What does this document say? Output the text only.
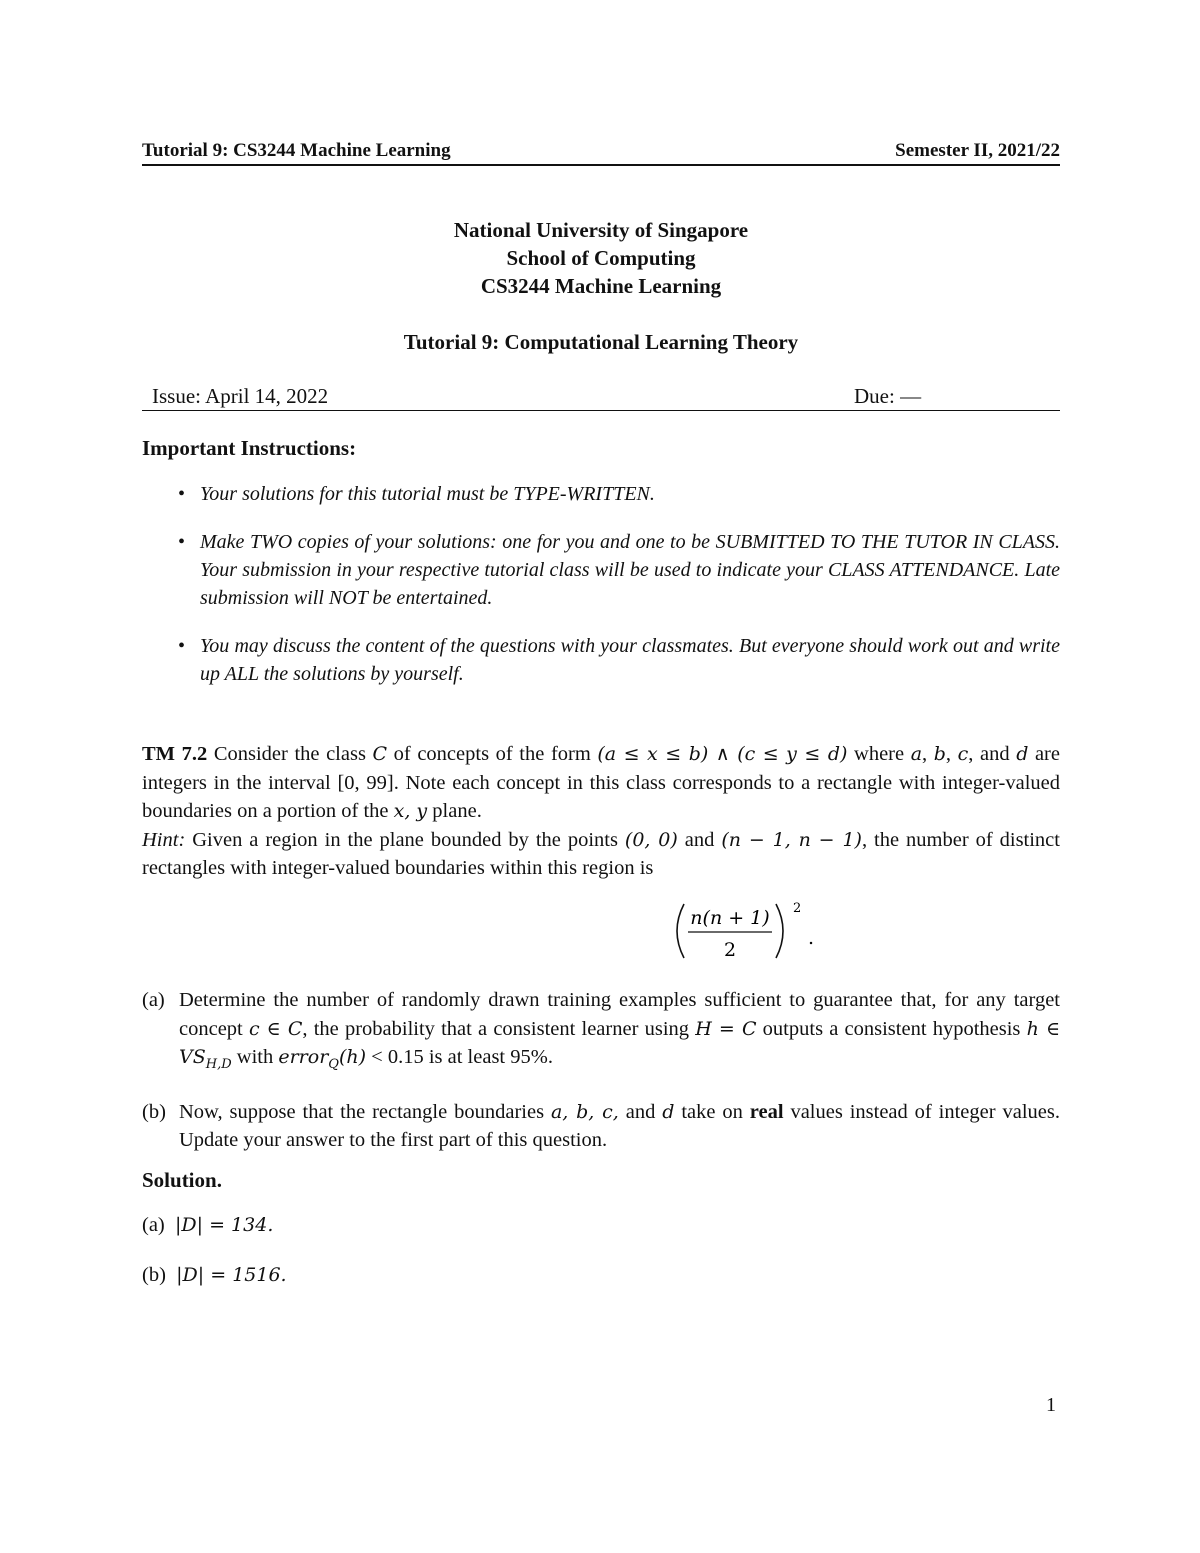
Tutorial 9: CS3244 Machine Learning	Semester II, 2021/22
National University of Singapore
School of Computing
CS3244 Machine Learning
Tutorial 9: Computational Learning Theory
Issue: April 14, 2022	Due: —
Important Instructions:
• Your solutions for this tutorial must be TYPE-WRITTEN.
• Make TWO copies of your solutions: one for you and one to be SUBMITTED TO THE TUTOR IN CLASS. Your submission in your respective tutorial class will be used to indicate your CLASS ATTENDANCE. Late submission will NOT be entertained.
• You may discuss the content of the questions with your classmates. But everyone should work out and write up ALL the solutions by yourself.
TM 7.2 Consider the class C of concepts of the form (a ≤ x ≤ b) ∧ (c ≤ y ≤ d) where a, b, c, and d are integers in the interval [0, 99]. Note each concept in this class corresponds to a rectangle with integer-valued boundaries on a portion of the x, y plane.
Hint: Given a region in the plane bounded by the points (0, 0) and (n − 1, n − 1), the number of distinct rectangles with integer-valued boundaries within this region is
n(n + 1)
2
2
.
(a) Determine the number of randomly drawn training examples sufficient to guarantee that, for any target concept c ∈ C, the probability that a consistent learner using H = C outputs a consistent hypothesis h ∈ $VS_{H,D}$ with error$_Q$(h) < 0.15 is at least 95%.
(b) Now, suppose that the rectangle boundaries a, b, c, and d take on real values instead of integer values. Update your answer to the first part of this question.
Solution.
(a) |D| = 134.
(b) |D| = 1516.
1
